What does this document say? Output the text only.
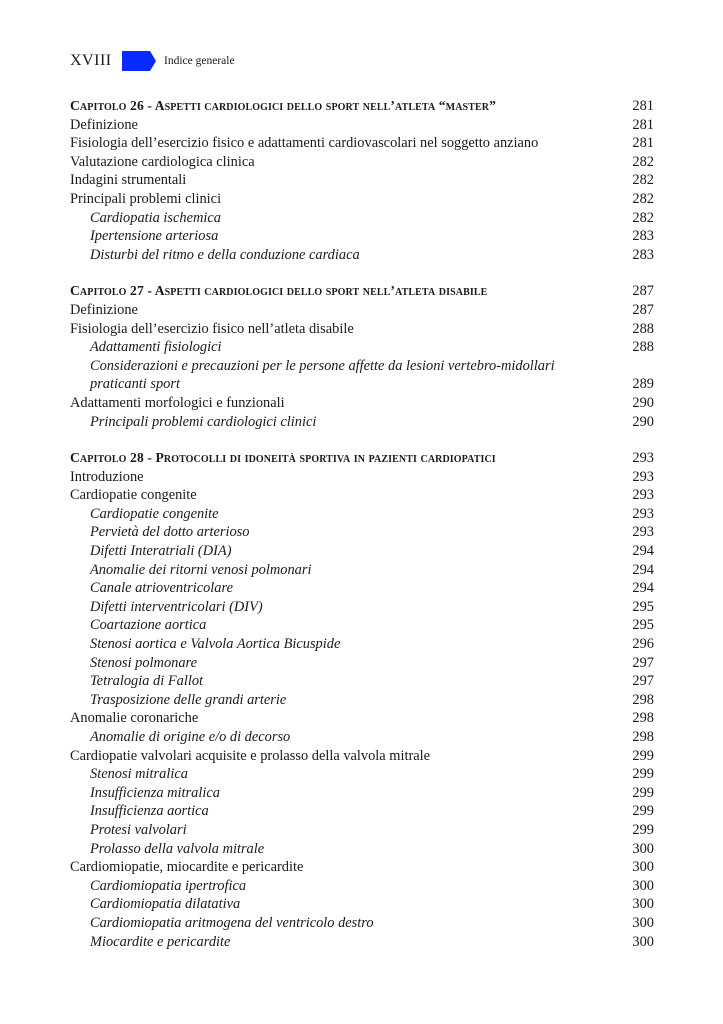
XVIII	Indice generale
Capitolo 26 - Aspetti cardiologici dello sport nell’atleta “master”	281
Definizione	281
Fisiologia dell’esercizio fisico e adattamenti cardiovascolari nel soggetto anziano	281
Valutazione cardiologica clinica	282
Indagini strumentali	282
Principali problemi clinici	282
Cardiopatia ischemica	282
Ipertensione arteriosa	283
Disturbi del ritmo e della conduzione cardiaca	283
Capitolo 27 - Aspetti cardiologici dello sport nell’atleta disabile	287
Definizione	287
Fisiologia dell’esercizio fisico nell’atleta disabile	288
Adattamenti fisiologici	288
Considerazioni e precauzioni per le persone affette da lesioni vertebro-midollari praticanti sport	289
Adattamenti morfologici e funzionali	290
Principali problemi cardiologici clinici	290
Capitolo 28 - Protocolli di idoneità sportiva in pazienti cardiopatici	293
Introduzione	293
Cardiopatie congenite	293
Cardiopatie congenite	293
Pervietà del dotto arterioso	293
Difetti Interatriali (DIA)	294
Anomalie dei ritorni venosi polmonari	294
Canale atrioventricolare	294
Difetti interventricolari (DIV)	295
Coartazione aortica	295
Stenosi aortica e Valvola Aortica Bicuspide	296
Stenosi polmonare	297
Tetralogia di Fallot	297
Trasposizione delle grandi arterie	298
Anomalie coronariche	298
Anomalie di origine e/o di decorso	298
Cardiopatie valvolari acquisite e prolasso della valvola mitrale	299
Stenosi mitralica	299
Insufficienza mitralica	299
Insufficienza aortica	299
Protesi valvolari	299
Prolasso della valvola mitrale	300
Cardiomiopatie, miocardite e pericardite	300
Cardiomiopatia ipertrofica	300
Cardiomiopatia dilatativa	300
Cardiomiopatia aritmogena del ventricolo destro	300
Miocardite e pericardite	300
